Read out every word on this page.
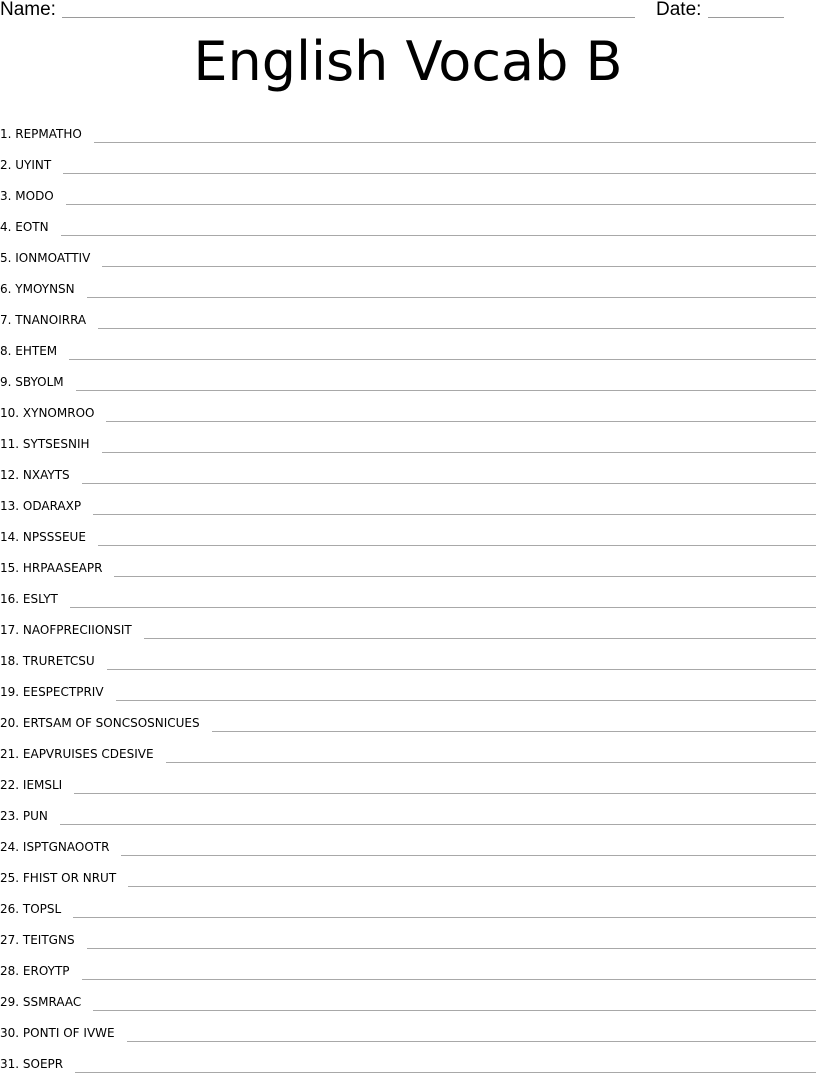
Name:	Date:
English Vocab B
1. REPMATHO
2. UYINT
3. MODO
4. EOTN
5. IONMOATTIV
6. YMOYNSN
7. TNANOIRRA
8. EHTEM
9. SBYOLM
10. XYNOMROO
11. SYTSESNIH
12. NXAYTS
13. ODARAXP
14. NPSSSEUE
15. HRPAASEAPR
16. ESLYT
17. NAOFPRECIIONSIT
18. TRURETCSU
19. EESPECTPRIV
20. ERTSAM OF SONCSOSNICUES
21. EAPVRUISES CDESIVE
22. IEMSLI
23. PUN
24. ISPTGNAOOTR
25. FHIST OR NRUT
26. TOPSL
27. TEITGNS
28. EROYTP
29. SSMRAAC
30. PONTI OF IVWE
31. SOEPR
